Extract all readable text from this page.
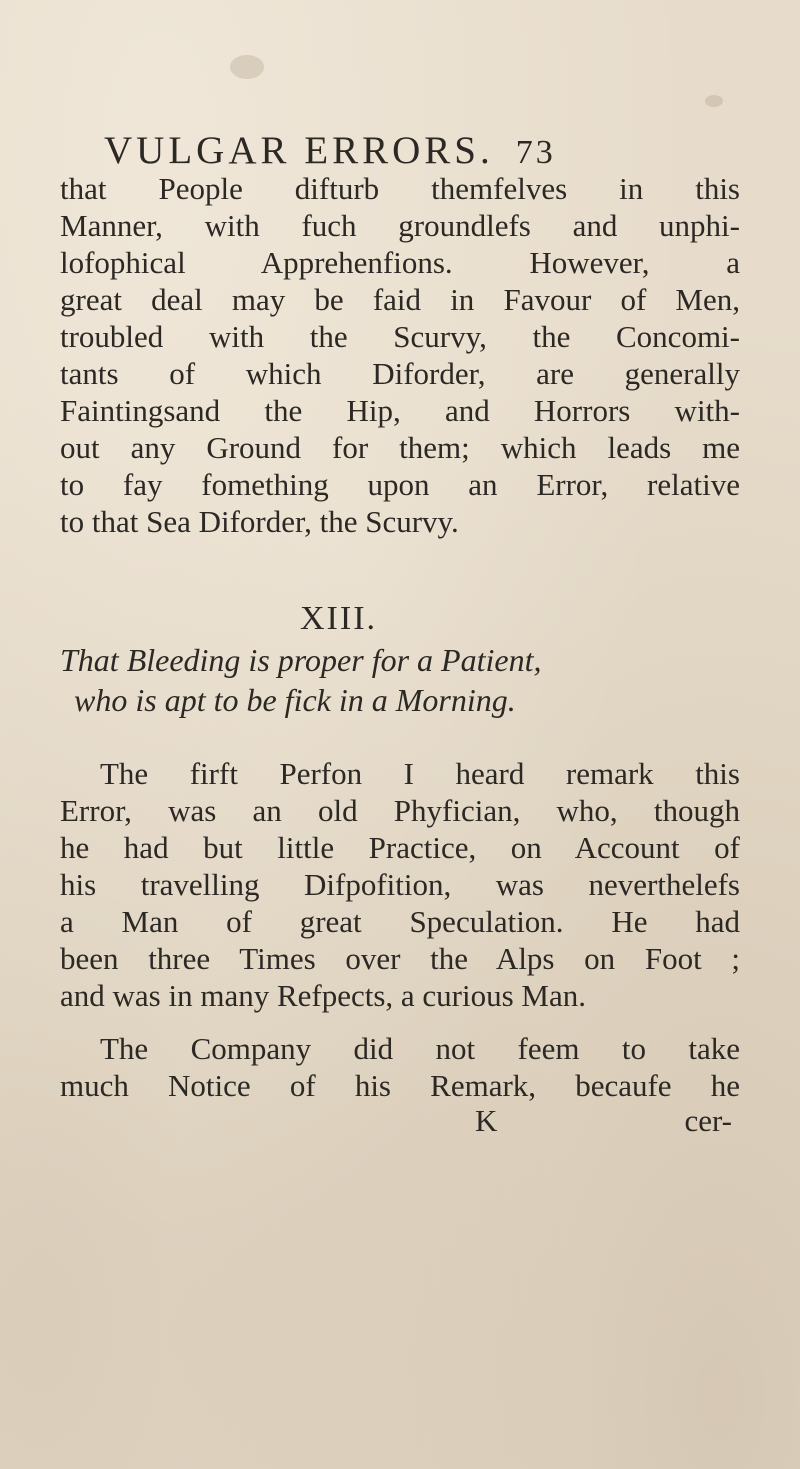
VULGAR ERRORS. 73
that People difturb themfelves in this
Manner, with fuch groundlefs and unphi-
lofophical Apprehenfions. However, a
great deal may be faid in Favour of Men,
troubled with the Scurvy, the Concomi-
tants of which Diforder, are generally
Faintingsand the Hip, and Horrors with-
out any Ground for them; which leads me
to fay fomething upon an Error, relative
to that Sea Diforder, the Scurvy.
XIII.
That Bleeding is proper for a Patient,
who is apt to be fick in a Morning.
The firft Perfon I heard remark this
Error, was an old Phyfician, who, though
he had but little Practice, on Account of
his travelling Difpofition, was neverthelefs
a Man of great Speculation. He had
been three Times over the Alps on Foot ;
and was in many Refpects, a curious Man.
The Company did not feem to take
much Notice of his Remark, becaufe he
K	cer-
